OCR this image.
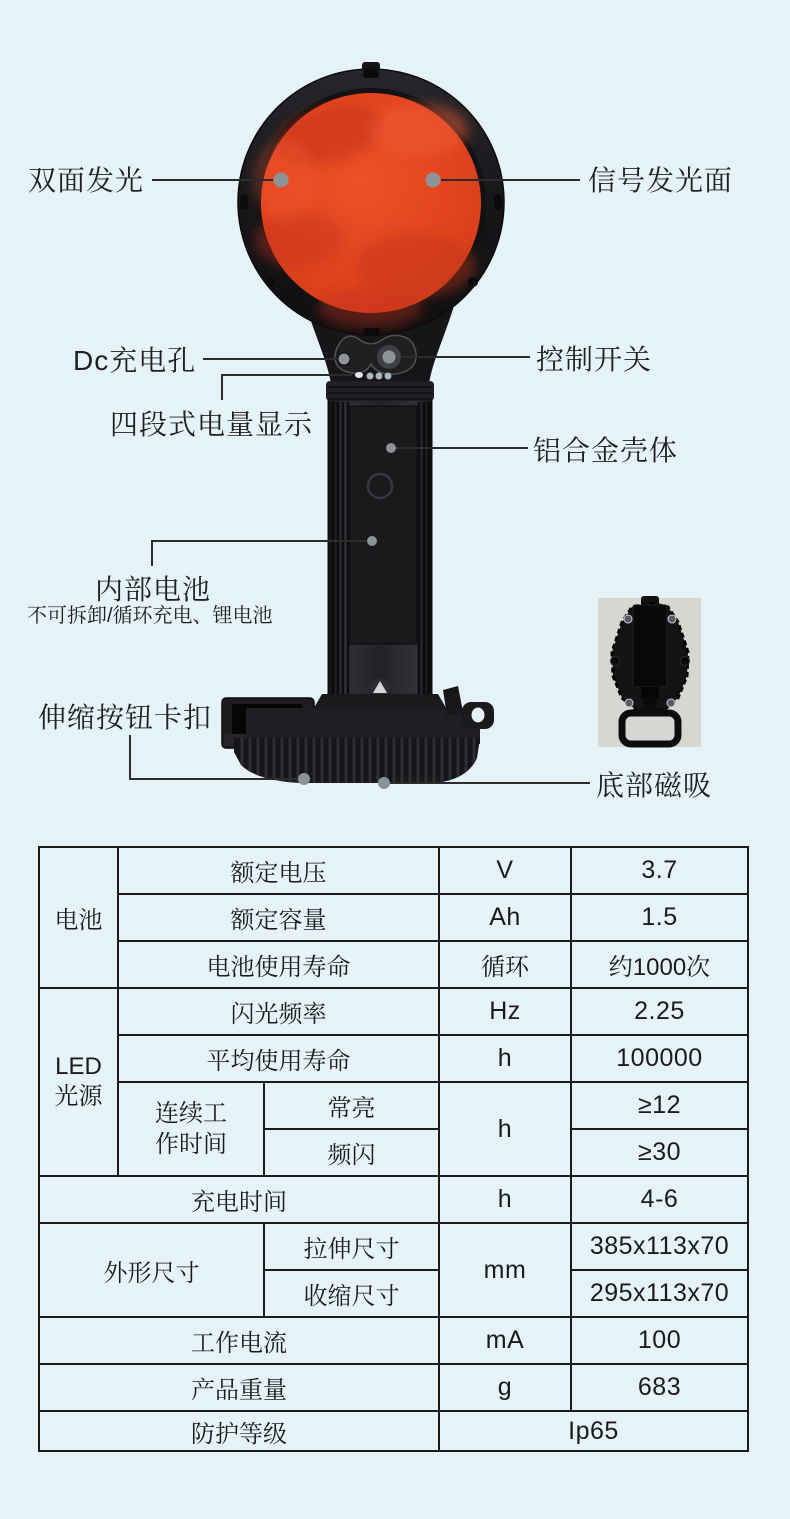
双面发光	信号发光面
Dc充电孔	控制开关
四段式电量显示
铝合金壳体
内部电池
不可拆卸/循环充电、锂电池
伸缩按钮卡扣
底部磁吸
电池	额定电压		V	3.7
	额定容量		Ah	1.5
	电池使用寿命		循环	约1000次

LED光源	闪光频率		Hz	2.25
	平均使用寿命		h	100000

	连续工作时间	常亮	h	≥12
		频闪		≥30
充电时间			h	4-6
外形尺寸		拉伸尺寸	mm	385x113x70
		收缩尺寸		295x113x70
工作电流			mA	100
产品重量			g	683
防护等级			Ip65	
